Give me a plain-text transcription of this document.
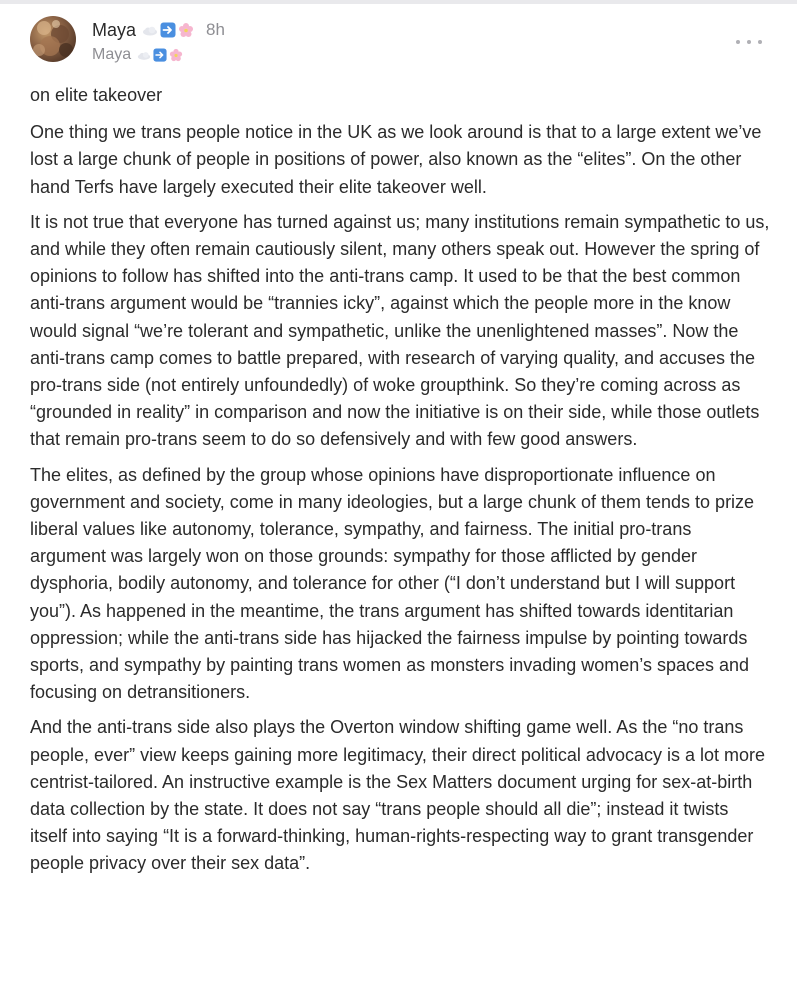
Maya	8h
Maya

on elite takeover

One thing we trans people notice in the UK as we look around is that to a large extent we’ve lost a large chunk of people in positions of power, also known as the “elites”. On the other hand Terfs have largely executed their elite takeover well.

It is not true that everyone has turned against us; many institutions remain sympathetic to us, and while they often remain cautiously silent, many others speak out. However the spring of opinions to follow has shifted into the anti-trans camp. It used to be that the best common anti-trans argument would be “trannies icky”, against which the people more in the know would signal “we’re tolerant and sympathetic, unlike the unenlightened masses”. Now the anti-trans camp comes to battle prepared, with research of varying quality, and accuses the pro-trans side (not entirely unfoundedly) of woke groupthink. So they’re coming across as “grounded in reality” in comparison and now the initiative is on their side, while those outlets that remain pro-trans seem to do so defensively and with few good answers.

The elites, as defined by the group whose opinions have disproportionate influence on government and society, come in many ideologies, but a large chunk of them tends to prize liberal values like autonomy, tolerance, sympathy, and fairness. The initial pro-trans argument was largely won on those grounds: sympathy for those afflicted by gender dysphoria, bodily autonomy, and tolerance for other (“I don’t understand but I will support you”). As happened in the meantime, the trans argument has shifted towards identitarian oppression; while the anti-trans side has hijacked the fairness impulse by pointing towards sports, and sympathy by painting trans women as monsters invading women’s spaces and focusing on detransitioners.

And the anti-trans side also plays the Overton window shifting game well. As the “no trans people, ever” view keeps gaining more legitimacy, their direct political advocacy is a lot more centrist-tailored. An instructive example is the Sex Matters document urging for sex-at-birth data collection by the state. It does not say “trans people should all die”; instead it twists itself into saying “It is a forward-thinking, human-rights-respecting way to grant transgender people privacy over their sex data”.
